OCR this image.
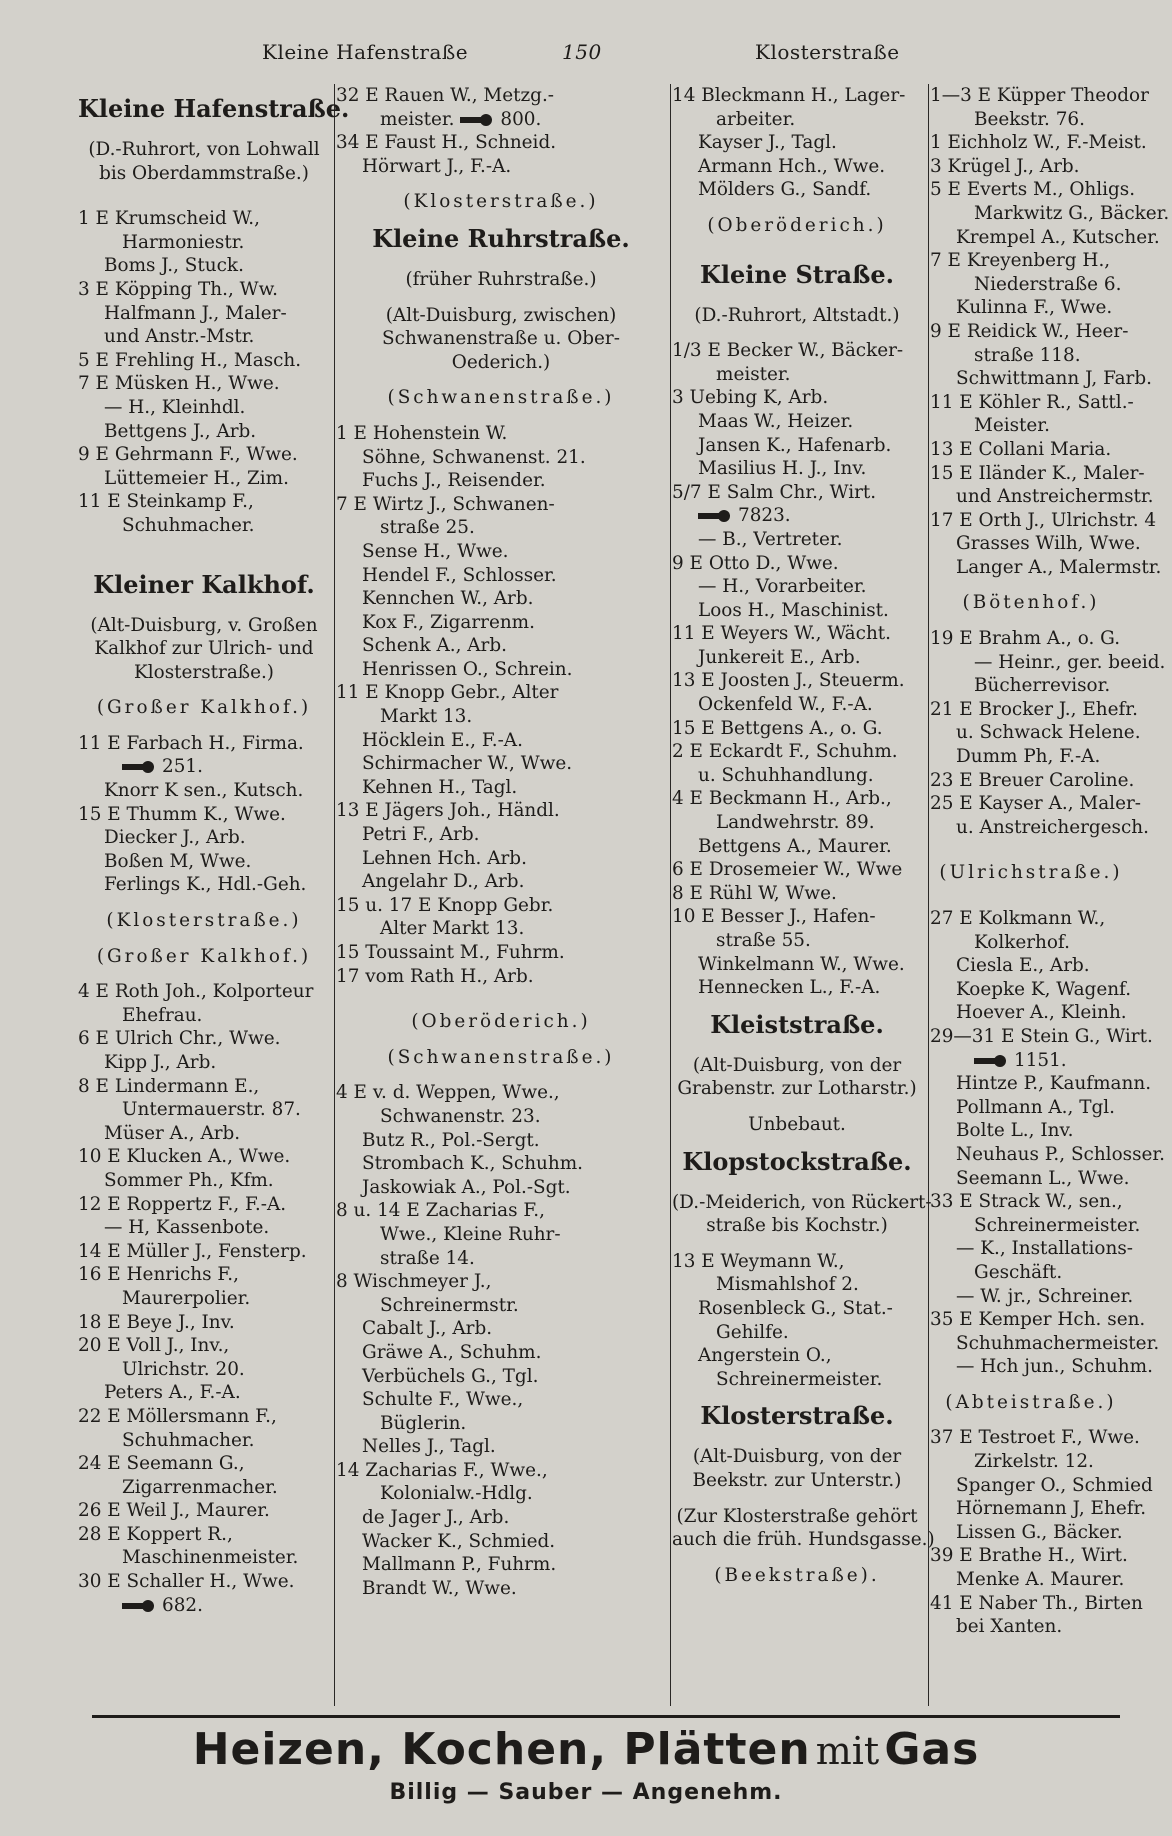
Kleine Hafenstraße	150	Klosterstraße
Kleine Hafenstraße.
(D.-Ruhrort, von Lohwall
bis Oberdammstraße.)
1 E Krumscheid W.,
Harmoniestr.
Boms J., Stuck.
3 E Köpping Th., Ww.
Halfmann J., Maler-
und Anstr.-Mstr.
5 E Frehling H., Masch.
7 E Müsken H., Wwe.
— H., Kleinhdl.
Bettgens J., Arb.
9 E Gehrmann F., Wwe.
Lüttemeier H., Zim.
11 E Steinkamp F.,
Schuhmacher.
Kleiner Kalkhof.
(Alt-Duisburg, v. Großen
Kalkhof zur Ulrich- und
Klosterstraße.)
(Großer Kalkhof.)
11 E Farbach H., Firma.
251.
Knorr K sen., Kutsch.
15 E Thumm K., Wwe.
Diecker J., Arb.
Boßen M, Wwe.
Ferlings K., Hdl.-Geh.
(Klosterstraße.)
(Großer Kalkhof.)
4 E Roth Joh., Kolporteur
Ehefrau.
6 E Ulrich Chr., Wwe.
Kipp J., Arb.
8 E Lindermann E.,
Untermauerstr. 87.
Müser A., Arb.
10 E Klucken A., Wwe.
Sommer Ph., Kfm.
12 E Roppertz F., F.-A.
— H, Kassenbote.
14 E Müller J., Fensterp.
16 E Henrichs F.,
Maurerpolier.
18 E Beye J., Inv.
20 E Voll J., Inv.,
Ulrichstr. 20.
Peters A., F.-A.
22 E Möllersmann F.,
Schuhmacher.
24 E Seemann G.,
Zigarrenmacher.
26 E Weil J., Maurer.
28 E Koppert R.,
Maschinenmeister.
30 E Schaller H., Wwe.
682.
32 E Rauen W., Metzg.-
meister. 800.
34 E Faust H., Schneid.
Hörwart J., F.-A.
(Klosterstraße.)
Kleine Ruhrstraße.
(früher Ruhrstraße.)
(Alt-Duisburg, zwischen)
Schwanenstraße u. Ober-
Oederich.)
(Schwanenstraße.)
1 E Hohenstein W.
Söhne, Schwanenst. 21.
Fuchs J., Reisender.
7 E Wirtz J., Schwanen-
straße 25.
Sense H., Wwe.
Hendel F., Schlosser.
Kennchen W., Arb.
Kox F., Zigarrenm.
Schenk A., Arb.
Henrissen O., Schrein.
11 E Knopp Gebr., Alter
Markt 13.
Höcklein E., F.-A.
Schirmacher W., Wwe.
Kehnen H., Tagl.
13 E Jägers Joh., Händl.
Petri F., Arb.
Lehnen Hch. Arb.
Angelahr D., Arb.
15 u. 17 E Knopp Gebr.
Alter Markt 13.
15 Toussaint M., Fuhrm.
17 vom Rath H., Arb.
(Oberöderich.)
(Schwanenstraße.)
4 E v. d. Weppen, Wwe.,
Schwanenstr. 23.
Butz R., Pol.-Sergt.
Strombach K., Schuhm.
Jaskowiak A., Pol.-Sgt.
8 u. 14 E Zacharias F.,
Wwe., Kleine Ruhr-
straße 14.
8 Wischmeyer J.,
Schreinermstr.
Cabalt J., Arb.
Gräwe A., Schuhm.
Verbüchels G., Tgl.
Schulte F., Wwe.,
Büglerin.
Nelles J., Tagl.
14 Zacharias F., Wwe.,
Kolonialw.-Hdlg.
de Jager J., Arb.
Wacker K., Schmied.
Mallmann P., Fuhrm.
Brandt W., Wwe.
14 Bleckmann H., Lager-
arbeiter.
Kayser J., Tagl.
Armann Hch., Wwe.
Mölders G., Sandf.
(Oberöderich.)
Kleine Straße.
(D.-Ruhrort, Altstadt.)
1/3 E Becker W., Bäcker-
meister.
3 Uebing K, Arb.
Maas W., Heizer.
Jansen K., Hafenarb.
Masilius H. J., Inv.
5/7 E Salm Chr., Wirt.
7823.
— B., Vertreter.
9 E Otto D., Wwe.
— H., Vorarbeiter.
Loos H., Maschinist.
11 E Weyers W., Wächt.
Junkereit E., Arb.
13 E Joosten J., Steuerm.
Ockenfeld W., F.-A.
15 E Bettgens A., o. G.
2 E Eckardt F., Schuhm.
u. Schuhhandlung.
4 E Beckmann H., Arb.,
Landwehrstr. 89.
Bettgens A., Maurer.
6 E Drosemeier W., Wwe
8 E Rühl W, Wwe.
10 E Besser J., Hafen-
straße 55.
Winkelmann W., Wwe.
Hennecken L., F.-A.
Kleiststraße.
(Alt-Duisburg, von der
Grabenstr. zur Lotharstr.)
Unbebaut.
Klopstockstraße.
(D.-Meiderich, von Rückert-
straße bis Kochstr.)
13 E Weymann W.,
Mismahlshof 2.
Rosenbleck G., Stat.-
Gehilfe.
Angerstein O.,
Schreinermeister.
Klosterstraße.
(Alt-Duisburg, von der
Beekstr. zur Unterstr.)
(Zur Klosterstraße gehört
auch die früh. Hundsgasse.)
(Beekstraße).
1—3 E Küpper Theodor
Beekstr. 76.
1 Eichholz W., F.-Meist.
3 Krügel J., Arb.
5 E Everts M., Ohligs.
Markwitz G., Bäcker.
Krempel A., Kutscher.
7 E Kreyenberg H.,
Niederstraße 6.
Kulinna F., Wwe.
9 E Reidick W., Heer-
straße 118.
Schwittmann J, Farb.
11 E Köhler R., Sattl.-
Meister.
13 E Collani Maria.
15 E Iländer K., Maler-
und Anstreichermstr.
17 E Orth J., Ulrichstr. 4
Grasses Wilh, Wwe.
Langer A., Malermstr.
(Bötenhof.)
19 E Brahm A., o. G.
— Heinr., ger. beeid.
Bücherrevisor.
21 E Brocker J., Ehefr.
u. Schwack Helene.
Dumm Ph, F.-A.
23 E Breuer Caroline.
25 E Kayser A., Maler-
u. Anstreichergesch.
(Ulrichstraße.)
27 E Kolkmann W.,
Kolkerhof.
Ciesla E., Arb.
Koepke K, Wagenf.
Hoever A., Kleinh.
29—31 E Stein G., Wirt.
1151.
Hintze P., Kaufmann.
Pollmann A., Tgl.
Bolte L., Inv.
Neuhaus P., Schlosser.
Seemann L., Wwe.
33 E Strack W., sen.,
Schreinermeister.
— K., Installations-
Geschäft.
— W. jr., Schreiner.
35 E Kemper Hch. sen.
Schuhmachermeister.
— Hch jun., Schuhm.
(Abteistraße.)
37 E Testroet F., Wwe.
Zirkelstr. 12.
Spanger O., Schmied
Hörnemann J, Ehefr.
Lissen G., Bäcker.
39 E Brathe H., Wirt.
Menke A. Maurer.
41 E Naber Th., Birten
bei Xanten.
Heizen, Kochen, Plätten mit Gas
Billig — Sauber — Angenehm.
